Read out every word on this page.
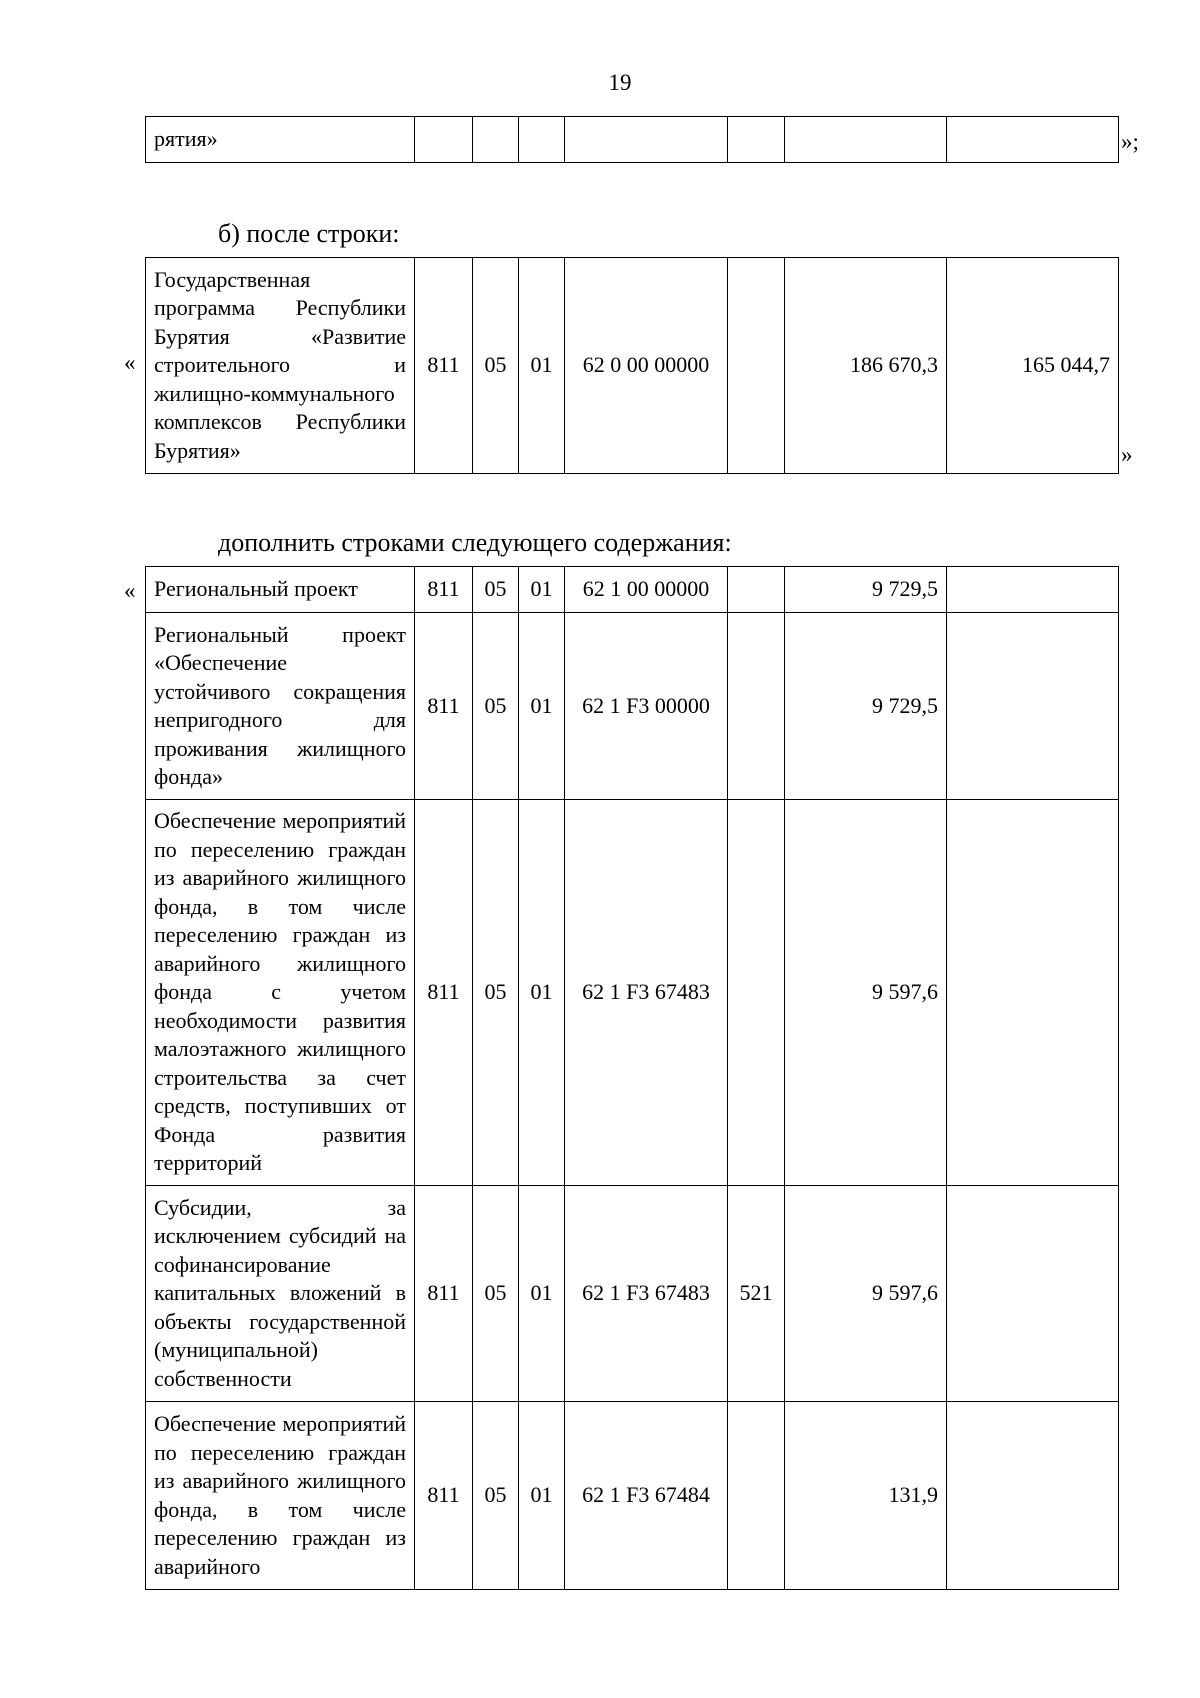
19
рятия»								»;
б) после строки:
«
Государственная программа Республики Бурятия «Развитие строительного и жилищно-коммунального комплексов Республики Бурятия»	811	05	01	62 0 00 00000		186 670,3	165 044,7
»
дополнить строками следующего содержания:
« Региональный проект	811	05	01	62 1 00 00000		9 729,5	
Региональный проект «Обеспечение устойчивого сокращения непригодного для проживания жилищного фонда»	811	05	01	62 1 F3 00000		9 729,5	
Обеспечение мероприятий по переселению граждан из аварийного жилищного фонда, в том числе переселению граждан из аварийного жилищного фонда с учетом необходимости развития малоэтажного жилищного строительства за счет средств, поступивших от Фонда развития территорий	811	05	01	62 1 F3 67483		9 597,6	
Субсидии, за исключением субсидий на софинансирование капитальных вложений в объекты государственной (муниципальной) собственности	811	05	01	62 1 F3 67483	521	9 597,6	
Обеспечение мероприятий по переселению граждан из аварийного жилищного фонда, в том числе переселению граждан из аварийного	811	05	01	62 1 F3 67484		131,9	
